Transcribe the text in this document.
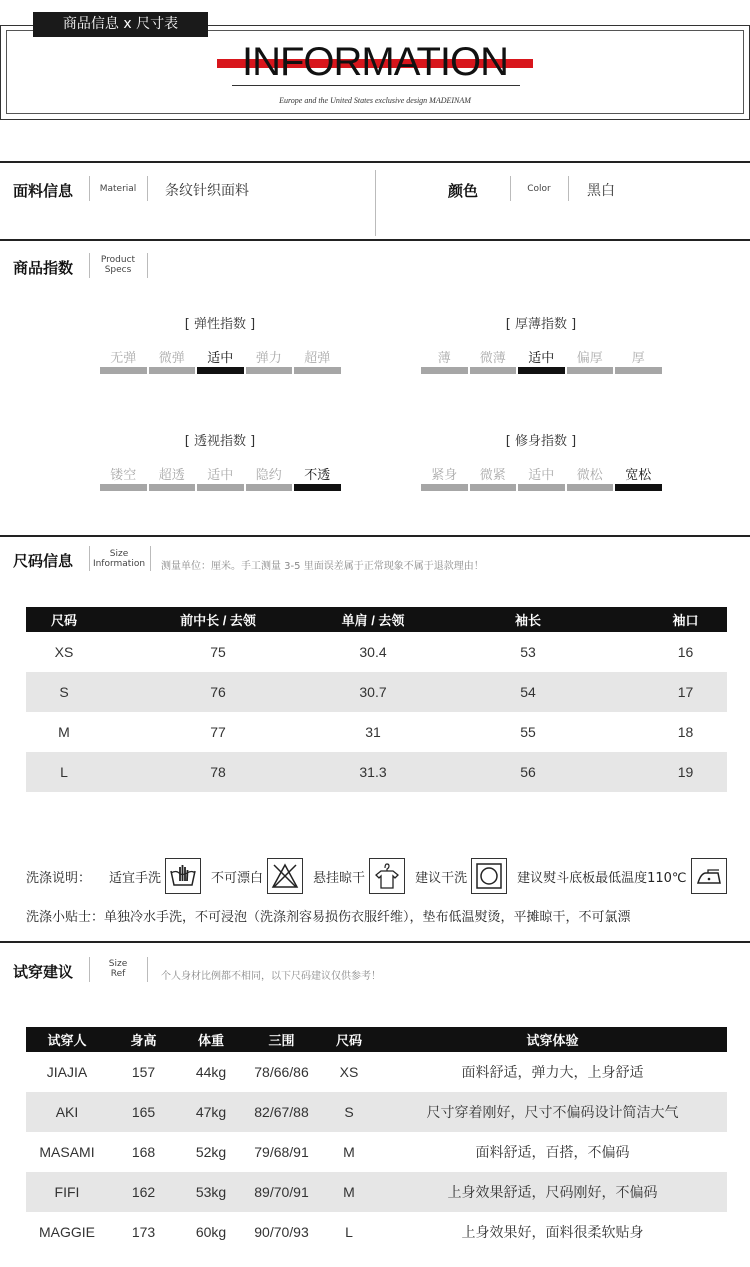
商品信息 x 尺寸表
INFORMATION
Europe and the United States exclusive design MADEINAM
面料信息	Material	条纹针织面料	颜色	Color	黑白
商品指数	Product
Specs
[ 弹性指数 ]
无弹	微弹	适中	弹力	超弹
[ 厚薄指数 ]
薄	微薄	适中	偏厚	厚
[ 透视指数 ]
镂空	超透	适中	隐约	不透
[ 修身指数 ]
紧身	微紧	适中	微松	宽松
尺码信息	Size
Information 测量单位：厘米。手工测量 3-5 里面误差属于正常现象不属于退款理由！
尺码	前中长 / 去领	单肩 / 去领	袖长	袖口
XS	75	30.4	53	16
S	76	30.7	54	17
M	77	31	55	18
L	78	31.3	56	19
洗涤说明： 适宜手洗	不可漂白	悬挂晾干	建议干洗	建议熨斗底板最低温度110℃
洗涤小贴士：单独冷水手洗，不可浸泡（洗涤剂容易损伤衣服纤维），垫布低温熨烫，平摊晾干，不可氯漂
试穿建议	Size
Ref	个人身材比例都不相同，以下尺码建议仅供参考！
试穿人	身高	体重	三围	尺码	试穿体验
JIAJIA	157	44kg	78/66/86	XS	面料舒适，弹力大，上身舒适
AKI	165	47kg	82/67/88	S	尺寸穿着刚好，尺寸不偏码设计简洁大气
MASAMI	168	52kg	79/68/91	M	面料舒适，百搭，不偏码
FIFI	162	53kg	89/70/91	M	上身效果舒适，尺码刚好，不偏码
MAGGIE	173	60kg	90/70/93	L	上身效果好，面料很柔软贴身
